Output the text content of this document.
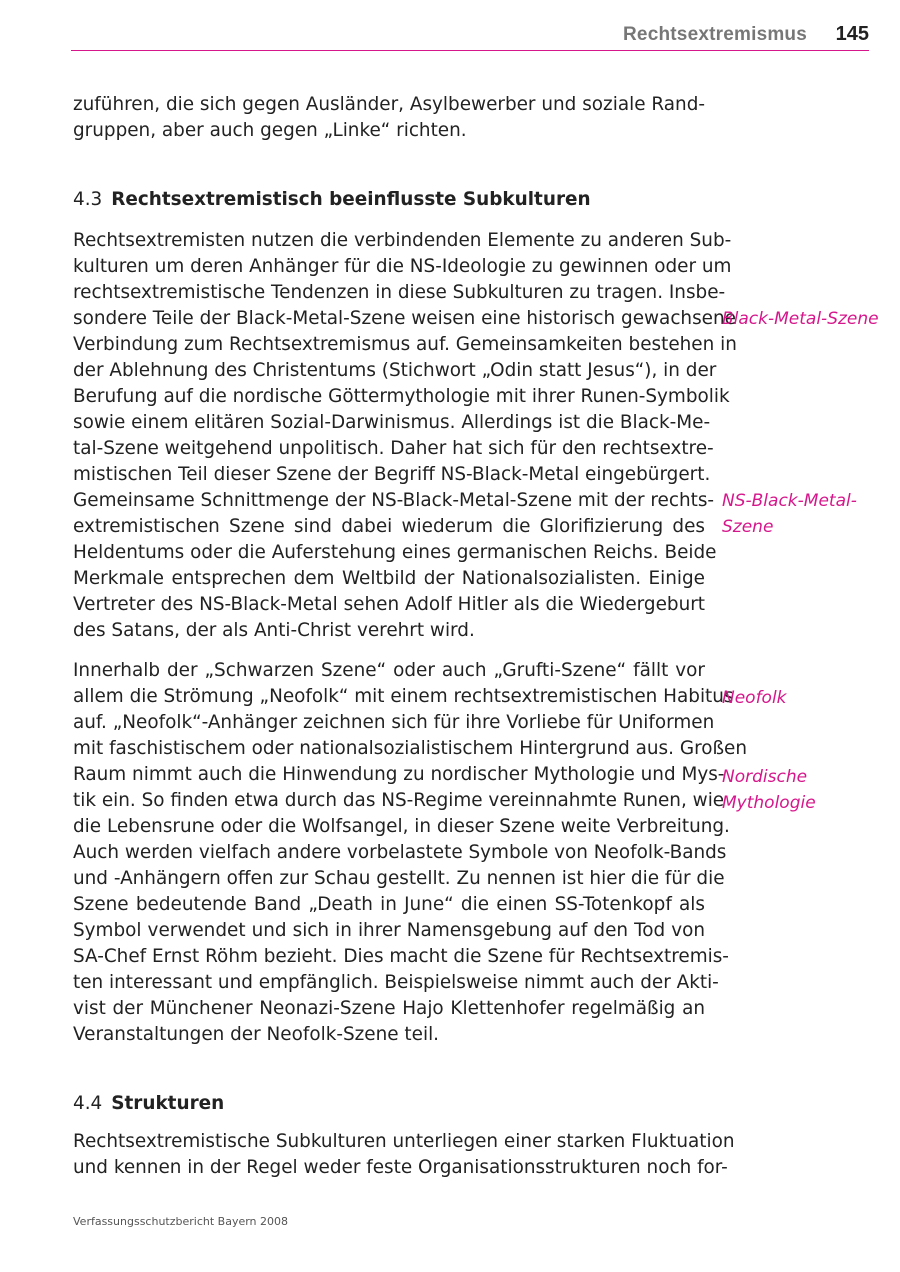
Rechtsextremismus 145
zuführen, die sich gegen Ausländer, Asylbewerber und soziale Rand-
gruppen, aber auch gegen „Linke“ richten.
4.3 Rechtsextremistisch beeinflusste Subkulturen
Rechtsextremisten nutzen die verbindenden Elemente zu anderen Sub-
kulturen um deren Anhänger für die NS-Ideologie zu gewinnen oder um
rechtsextremistische Tendenzen in diese Subkulturen zu tragen. Insbe-
sondere Teile der Black-Metal-Szene weisen eine historisch gewachsene
Verbindung zum Rechtsextremismus auf. Gemeinsamkeiten bestehen in
der Ablehnung des Christentums (Stichwort „Odin statt Jesus“), in der
Berufung auf die nordische Göttermythologie mit ihrer Runen-Symbolik
sowie einem elitären Sozial-Darwinismus. Allerdings ist die Black-Me-
tal-Szene weitgehend unpolitisch. Daher hat sich für den rechtsextre-
mistischen Teil dieser Szene der Begriff NS-Black-Metal eingebürgert.
Gemeinsame Schnittmenge der NS-Black-Metal-Szene mit der rechts-
extremistischen Szene sind dabei wiederum die Glorifizierung des
Heldentums oder die Auferstehung eines germanischen Reichs. Beide
Merkmale entsprechen dem Weltbild der Nationalsozialisten. Einige
Vertreter des NS-Black-Metal sehen Adolf Hitler als die Wiedergeburt
des Satans, der als Anti-Christ verehrt wird.
Innerhalb der „Schwarzen Szene“ oder auch „Grufti-Szene“ fällt vor
allem die Strömung „Neofolk“ mit einem rechtsextremistischen Habitus
auf. „Neofolk“-Anhänger zeichnen sich für ihre Vorliebe für Uniformen
mit faschistischem oder nationalsozialistischem Hintergrund aus. Großen
Raum nimmt auch die Hinwendung zu nordischer Mythologie und Mys-
tik ein. So finden etwa durch das NS-Regime vereinnahmte Runen, wie
die Lebensrune oder die Wolfsangel, in dieser Szene weite Verbreitung.
Auch werden vielfach andere vorbelastete Symbole von Neofolk-Bands
und -Anhängern offen zur Schau gestellt. Zu nennen ist hier die für die
Szene bedeutende Band „Death in June“ die einen SS-Totenkopf als
Symbol verwendet und sich in ihrer Namensgebung auf den Tod von
SA-Chef Ernst Röhm bezieht. Dies macht die Szene für Rechtsextremis-
ten interessant und empfänglich. Beispielsweise nimmt auch der Akti-
vist der Münchener Neonazi-Szene Hajo Klettenhofer regelmäßig an
Veranstaltungen der Neofolk-Szene teil.
Black-Metal-Szene
NS-Black-Metal-
Szene
Neofolk
Nordische
Mythologie
4.4 Strukturen
Rechtsextremistische Subkulturen unterliegen einer starken Fluktuation
und kennen in der Regel weder feste Organisationsstrukturen noch for-
Verfassungsschutzbericht Bayern 2008
